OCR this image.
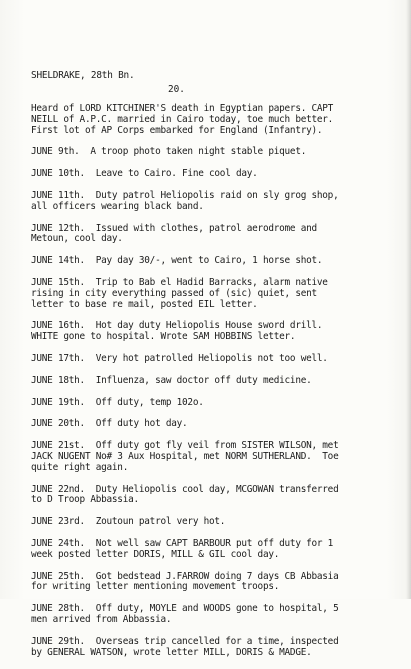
SHELDRAKE, 28th Bn.
20.
Heard of LORD KITCHINER'S death in Egyptian papers. CAPT
NEILL of A.P.C. married in Cairo today, toe much better.
First lot of AP Corps embarked for England (Infantry).
JUNE 9th.  A troop photo taken night stable piquet.
JUNE 10th.  Leave to Cairo. Fine cool day.
JUNE 11th.  Duty patrol Heliopolis raid on sly grog shop,
all officers wearing black band.
JUNE 12th.  Issued with clothes, patrol aerodrome and
Metoun, cool day.
JUNE 14th.  Pay day 30/-, went to Cairo, 1 horse shot.
JUNE 15th.  Trip to Bab el Hadid Barracks, alarm native
rising in city everything passed of (sic) quiet, sent
letter to base re mail, posted EIL letter.
JUNE 16th.  Hot day duty Heliopolis House sword drill.
WHITE gone to hospital. Wrote SAM HOBBINS letter.
JUNE 17th.  Very hot patrolled Heliopolis not too well.
JUNE 18th.  Influenza, saw doctor off duty medicine.
JUNE 19th.  Off duty, temp 102o.
JUNE 20th.  Off duty hot day.
JUNE 21st.  Off duty got fly veil from SISTER WILSON, met
JACK NUGENT No# 3 Aux Hospital, met NORM SUTHERLAND.  Toe
quite right again.
JUNE 22nd.  Duty Heliopolis cool day, MCGOWAN transferred
to D Troop Abbassia.
JUNE 23rd.  Zoutoun patrol very hot.
JUNE 24th.  Not well saw CAPT BARBOUR put off duty for 1
week posted letter DORIS, MILL & GIL cool day.
JUNE 25th.  Got bedstead J.FARROW doing 7 days CB Abbasia
for writing letter mentioning movement troops.
JUNE 28th.  Off duty, MOYLE and WOODS gone to hospital, 5
men arrived from Abbassia.
JUNE 29th.  Overseas trip cancelled for a time, inspected
by GENERAL WATSON, wrote letter MILL, DORIS & MADGE.
